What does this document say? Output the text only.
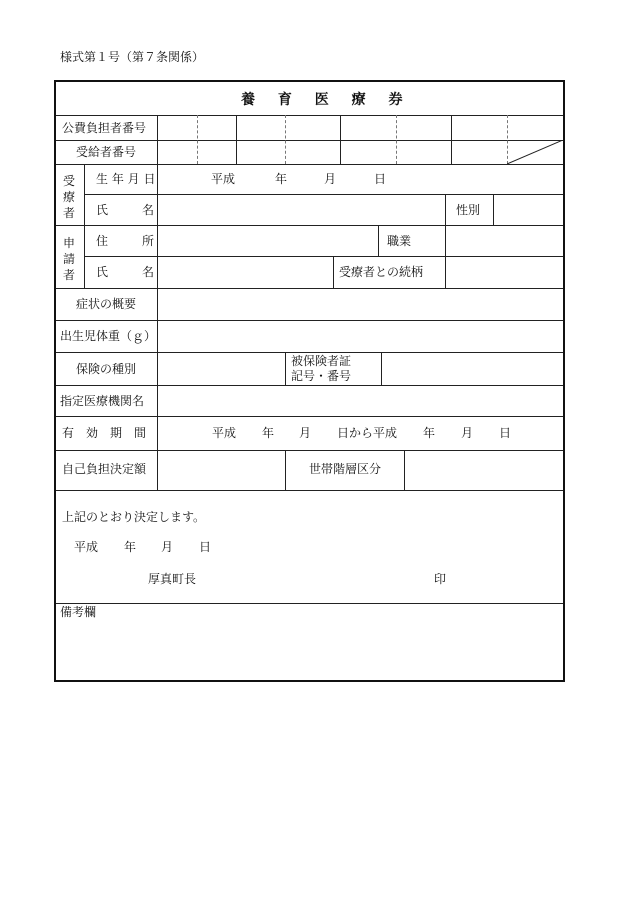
様式第１号（第７条関係）
養 育 医 療 券
公費負担者番号
受給者番号
受
療
者
生 年 月 日	平成	年	月	日
氏	名	性別
申
請
者
住	所	職業
氏	名	受療者との続柄
症状の概要
出生児体重（ｇ）
保険の種別
被保険者証
記号・番号
指定医療機関名
有　効　期　間	平成 年 月 日から平成 年 月 日
自己負担決定額	世帯階層区分
上記のとおり決定します。
平成 年 月 日
厚真町長	印
備考欄
